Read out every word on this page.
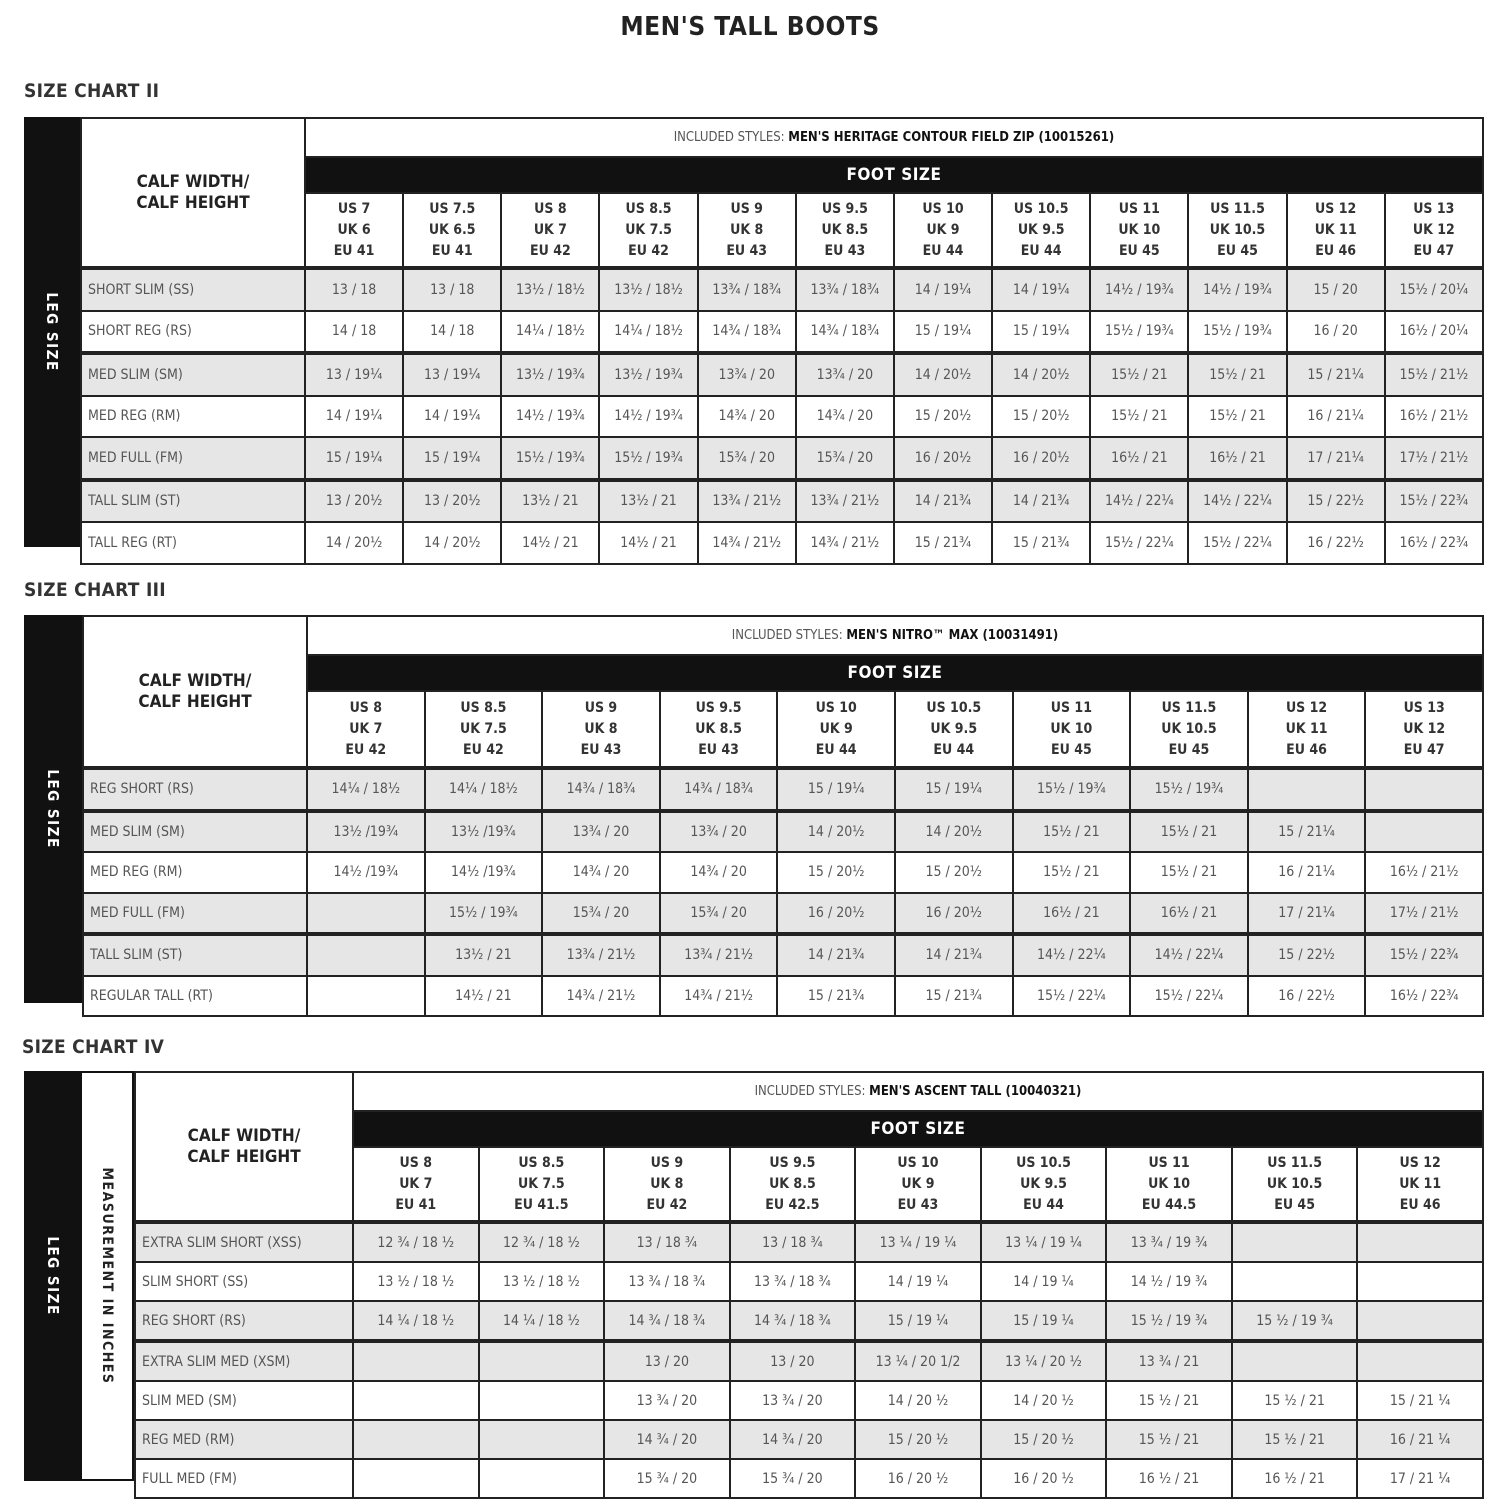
MEN'S TALL BOOTS
SIZE CHART II
LEG SIZE
CALF WIDTH/
CALF HEIGHT	INCLUDED STYLES: MEN'S HERITAGE CONTOUR FIELD ZIP (10015261)											
	FOOT SIZE											

	US 7
UK 6
EU 41	US 7.5
UK 6.5
EU 41	US 8
UK 7
EU 42	US 8.5
UK 7.5
EU 42	US 9
UK 8
EU 43	US 9.5
UK 8.5
EU 43	US 10
UK 9
EU 44	US 10.5
UK 9.5
EU 44	US 11
UK 10
EU 45	US 11.5
UK 10.5
EU 45	US 12
UK 11
EU 46	US 13
UK 12
EU 47

SHORT SLIM (SS)	13 / 18	13 / 18	13½ / 18½	13½ / 18½	13¾ / 18¾	13¾ / 18¾	14 / 19¼	14 / 19¼	14½ / 19¾	14½ / 19¾	15 / 20	15½ / 20¼
SHORT REG (RS)	14 / 18	14 / 18	14¼ / 18½	14¼ / 18½	14¾ / 18¾	14¾ / 18¾	15 / 19¼	15 / 19¼	15½ / 19¾	15½ / 19¾	16 / 20	16½ / 20¼
MED SLIM (SM)	13 / 19¼	13 / 19¼	13½ / 19¾	13½ / 19¾	13¾ / 20	13¾ / 20	14 / 20½	14 / 20½	15½ / 21	15½ / 21	15 / 21¼	15½ / 21½
MED REG (RM)	14 / 19¼	14 / 19¼	14½ / 19¾	14½ / 19¾	14¾ / 20	14¾ / 20	15 / 20½	15 / 20½	15½ / 21	15½ / 21	16 / 21¼	16½ / 21½
MED FULL (FM)	15 / 19¼	15 / 19¼	15½ / 19¾	15½ / 19¾	15¾ / 20	15¾ / 20	16 / 20½	16 / 20½	16½ / 21	16½ / 21	17 / 21¼	17½ / 21½
TALL SLIM (ST)	13 / 20½	13 / 20½	13½ / 21	13½ / 21	13¾ / 21½	13¾ / 21½	14 / 21¾	14 / 21¾	14½ / 22¼	14½ / 22¼	15 / 22½	15½ / 22¾
TALL REG (RT)	14 / 20½	14 / 20½	14½ / 21	14½ / 21	14¾ / 21½	14¾ / 21½	15 / 21¾	15 / 21¾	15½ / 22¼	15½ / 22¼	16 / 22½	16½ / 22¾
SIZE CHART III
LEG SIZE
CALF WIDTH/
CALF HEIGHT	INCLUDED STYLES: MEN'S NITRO™ MAX (10031491)									
	FOOT SIZE									

	US 8
UK 7
EU 42	US 8.5
UK 7.5
EU 42	US 9
UK 8
EU 43	US 9.5
UK 8.5
EU 43	US 10
UK 9
EU 44	US 10.5
UK 9.5
EU 44	US 11
UK 10
EU 45	US 11.5
UK 10.5
EU 45	US 12
UK 11
EU 46	US 13
UK 12
EU 47

REG SHORT (RS)	14¼ / 18½	14¼ / 18½	14¾ / 18¾	14¾ / 18¾	15 / 19¼	15 / 19¼	15½ / 19¾	15½ / 19¾		
MED SLIM (SM)	13½ /19¾	13½ /19¾	13¾ / 20	13¾ / 20	14 / 20½	14 / 20½	15½ / 21	15½ / 21	15 / 21¼	
MED REG (RM)	14½ /19¾	14½ /19¾	14¾ / 20	14¾ / 20	15 / 20½	15 / 20½	15½ / 21	15½ / 21	16 / 21¼	16½ / 21½
MED FULL (FM)		15½ / 19¾	15¾ / 20	15¾ / 20	16 / 20½	16 / 20½	16½ / 21	16½ / 21	17 / 21¼	17½ / 21½
TALL SLIM (ST)		13½ / 21	13¾ / 21½	13¾ / 21½	14 / 21¾	14 / 21¾	14½ / 22¼	14½ / 22¼	15 / 22½	15½ / 22¾
REGULAR TALL (RT)		14½ / 21	14¾ / 21½	14¾ / 21½	15 / 21¾	15 / 21¾	15½ / 22¼	15½ / 22¼	16 / 22½	16½ / 22¾
SIZE CHART IV
LEG SIZE	MEASUREMENT IN INCHES
CALF WIDTH/
CALF HEIGHT	INCLUDED STYLES: MEN'S ASCENT TALL (10040321)								
	FOOT SIZE								

	US 8
UK 7
EU 41	US 8.5
UK 7.5
EU 41.5	US 9
UK 8
EU 42	US 9.5
UK 8.5
EU 42.5	US 10
UK 9
EU 43	US 10.5
UK 9.5
EU 44	US 11
UK 10
EU 44.5	US 11.5
UK 10.5
EU 45	US 12
UK 11
EU 46

EXTRA SLIM SHORT (XSS)	12 ¾ / 18 ½	12 ¾ / 18 ½	13 / 18 ¾	13 / 18 ¾	13 ¼ / 19 ¼	13 ¼ / 19 ¼	13 ¾ / 19 ¾		
SLIM SHORT (SS)	13 ½ / 18 ½	13 ½ / 18 ½	13 ¾ / 18 ¾	13 ¾ / 18 ¾	14 / 19 ¼	14 / 19 ¼	14 ½ / 19 ¾		
REG SHORT (RS)	14 ¼ / 18 ½	14 ¼ / 18 ½	14 ¾ / 18 ¾	14 ¾ / 18 ¾	15 / 19 ¼	15 / 19 ¼	15 ½ / 19 ¾	15 ½ / 19 ¾	
EXTRA SLIM MED (XSM)			13 / 20	13 / 20	13 ¼ / 20 1/2	13 ¼ / 20 ½	13 ¾ / 21		
SLIM MED (SM)			13 ¾ / 20	13 ¾ / 20	14 / 20 ½	14 / 20 ½	15 ½ / 21	15 ½ / 21	15 / 21 ¼
REG MED (RM)			14 ¾ / 20	14 ¾ / 20	15 / 20 ½	15 / 20 ½	15 ½ / 21	15 ½ / 21	16 / 21 ¼
FULL MED (FM)			15 ¾ / 20	15 ¾ / 20	16 / 20 ½	16 / 20 ½	16 ½ / 21	16 ½ / 21	17 / 21 ¼
